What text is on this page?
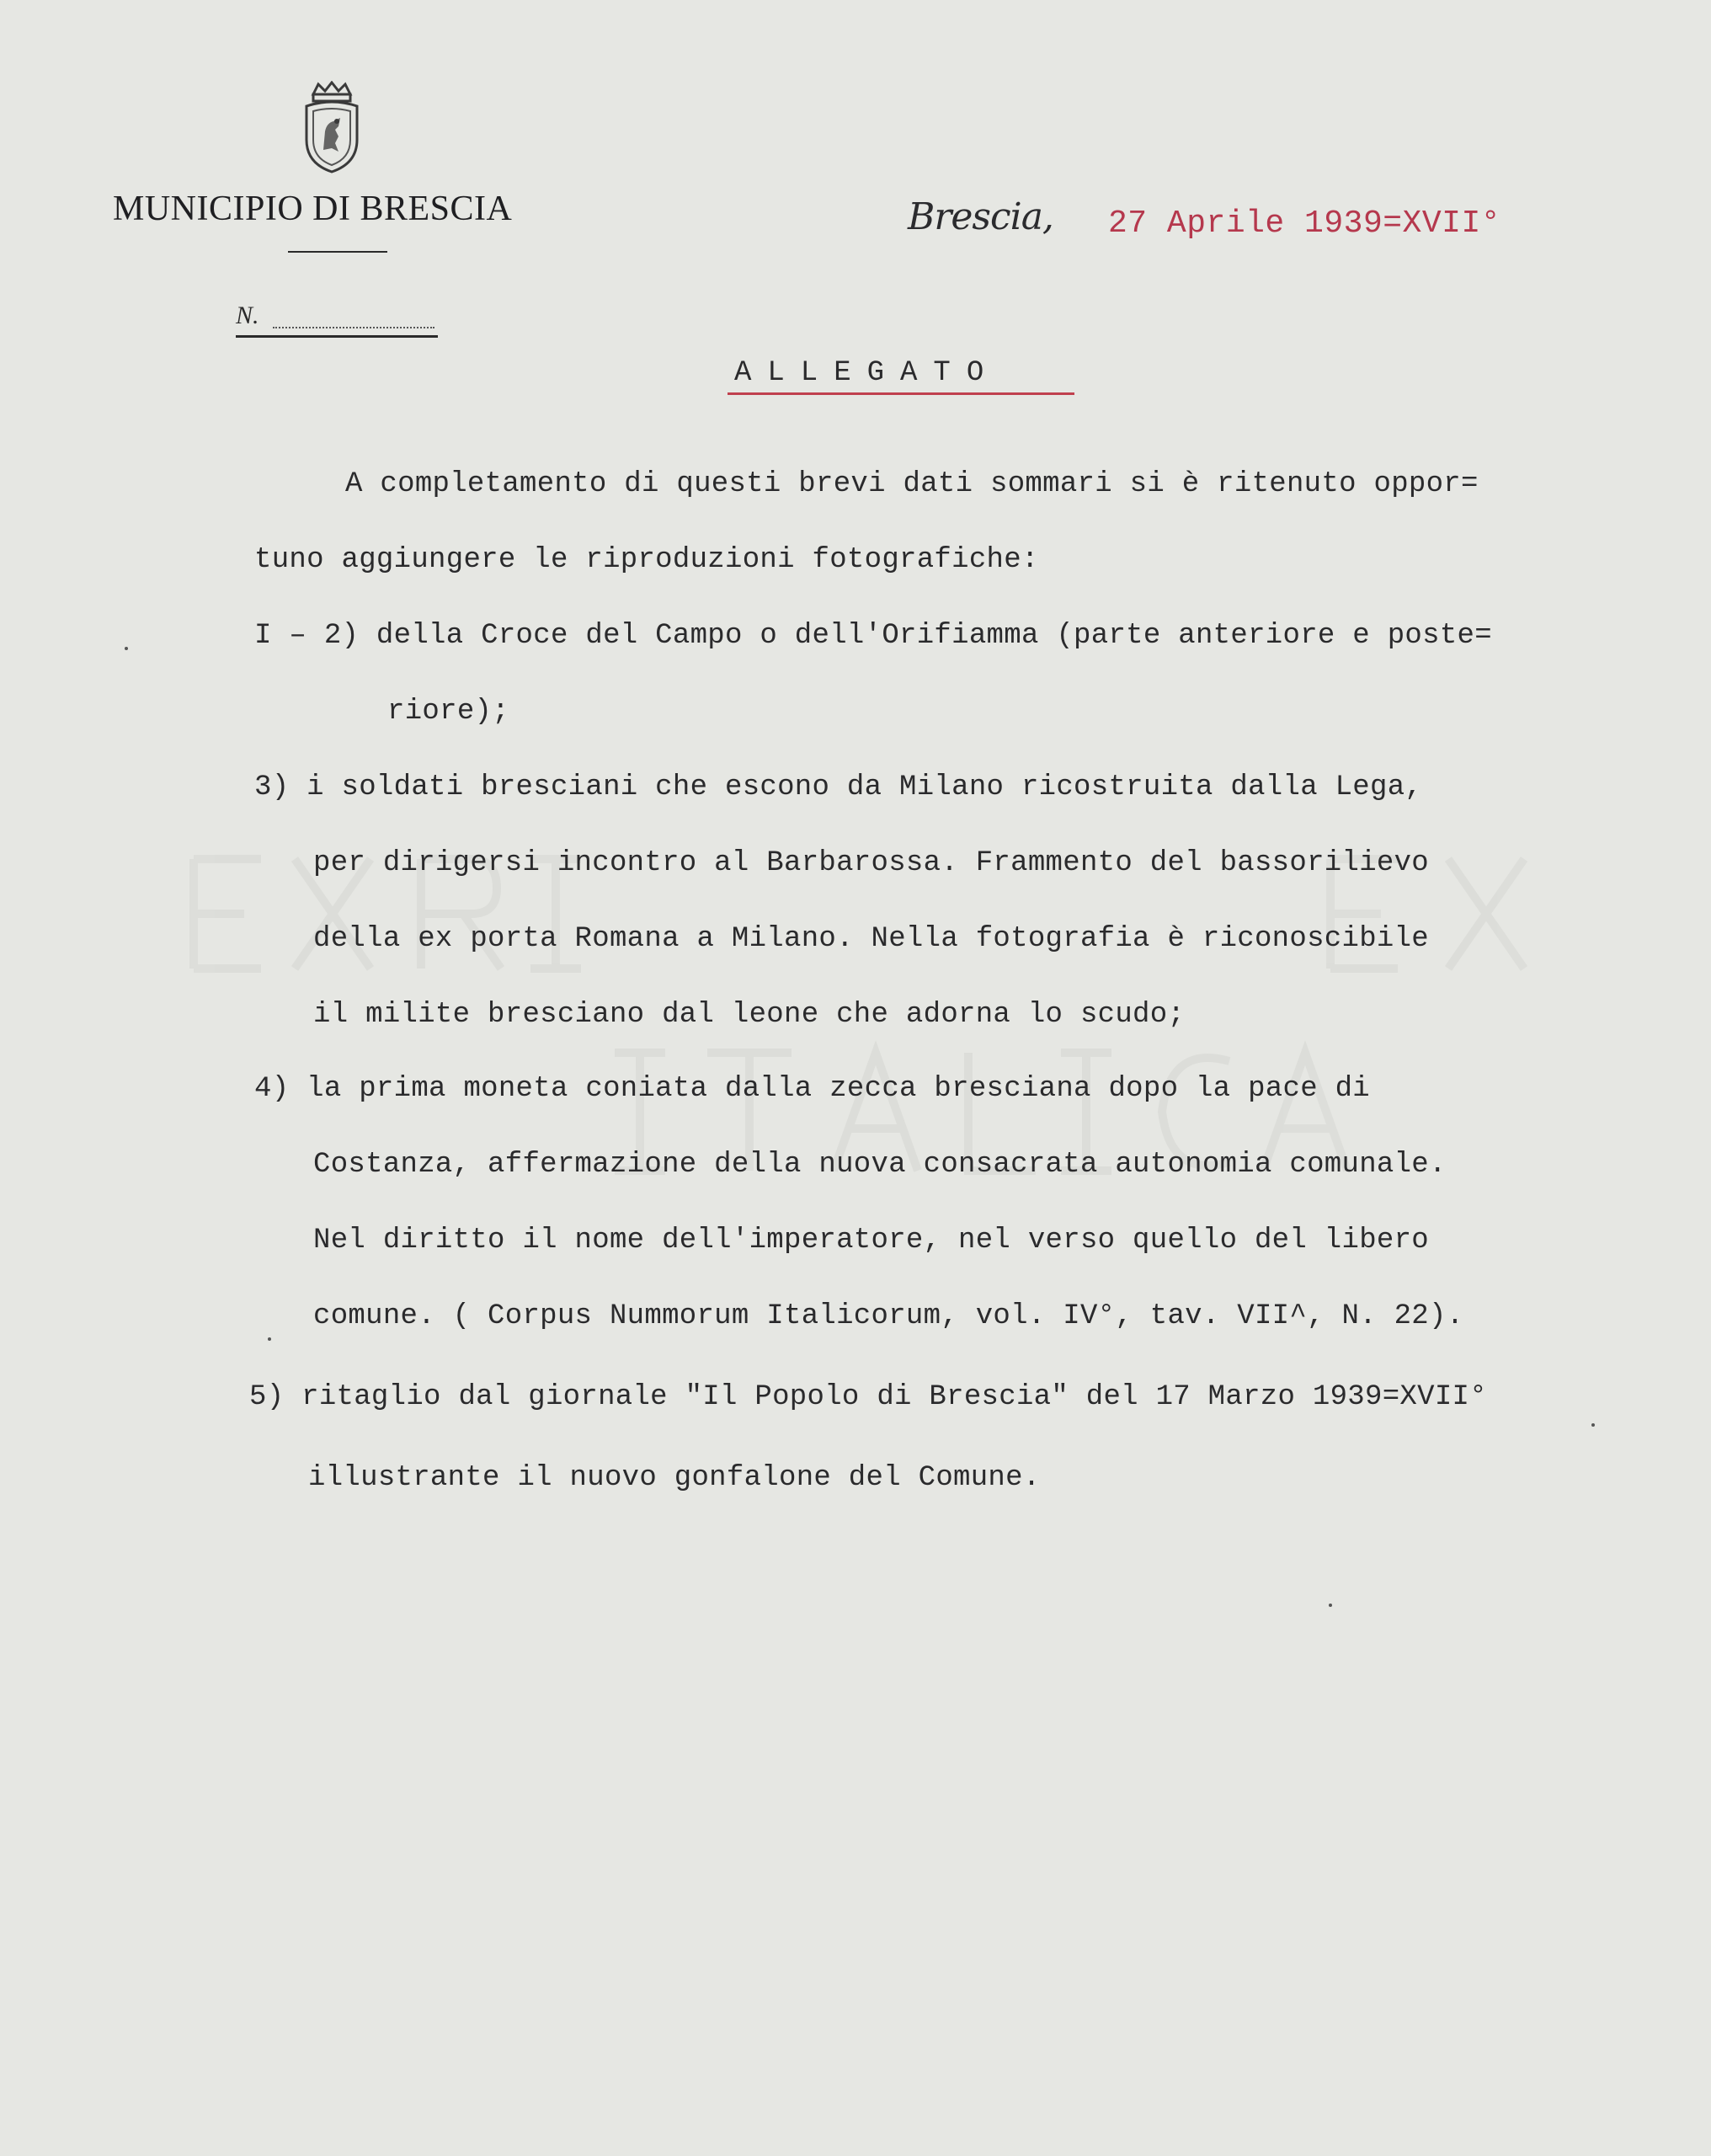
MUNICIPIO DI BRESCIA
N.
Brescia, 27 Aprile 1939=XVII°
ALLEGATO
A completamento di questi brevi dati sommari si è ritenuto oppor=
tuno aggiungere le riproduzioni fotografiche:
I – 2) della Croce del Campo o dell'Orifiamma (parte anteriore e poste=
riore);
3) i soldati bresciani che escono da Milano ricostruita dalla Lega,
per dirigersi incontro al Barbarossa. Frammento del bassorilievo
della ex porta Romana a Milano. Nella fotografia è riconoscibile
il milite bresciano dal leone che adorna lo scudo;
4) la prima moneta coniata dalla zecca bresciana dopo la pace di
Costanza, affermazione della nuova consacrata autonomia comunale.
Nel diritto il nome dell'imperatore, nel verso quello del libero
comune. ( Corpus Nummorum Italicorum, vol. IV°, tav. VII^, N. 22).
5) ritaglio dal giornale "Il Popolo di Brescia" del 17 Marzo 1939=XVII°
illustrante il nuovo gonfalone del Comune.
